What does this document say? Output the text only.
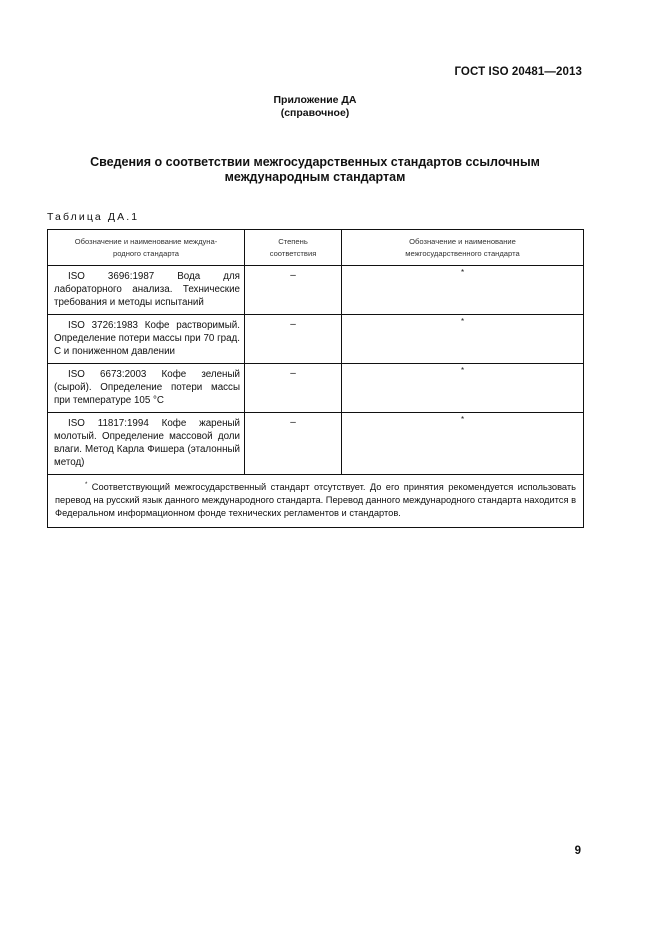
ГОСТ ISO 20481—2013
Приложение ДА
(справочное)
Сведения о соответствии межгосударственных стандартов ссылочным
международным стандартам
Таблица ДА.1
Обозначение и наименование междуна-родного стандарта	Степень соответствия	Обозначение и наименование межгосударственного стандарта

ISO 3696:1987 Вода для лабораторного анализа. Технические требования и методы испытаний	–	*

ISO 3726:1983 Кофе растворимый. Определение потери массы при 70 град. С и пониженном давлении	–	*

ISO 6673:2003 Кофе зеленый (сырой). Определение потери массы при температуре 105 °С	–	*

ISO 11817:1994 Кофе жареный молотый. Определение массовой доли влаги. Метод Карла Фишера (эталонный метод)	–	*

* Соответствующий межгосударственный стандарт отсутствует. До его принятия рекомендуется использовать перевод на русский язык данного международного стандарта. Перевод данного международного стандарта находится в Федеральном информационном фонде технических регламентов и стандартов.		
9
